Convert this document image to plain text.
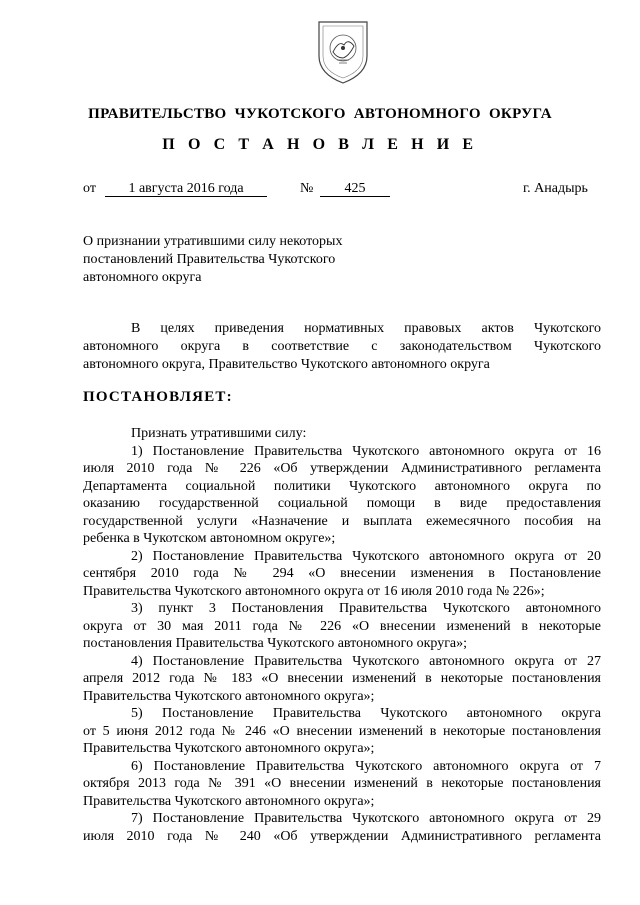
ПРАВИТЕЛЬСТВО  ЧУКОТСКОГО  АВТОНОМНОГО  ОКРУГА
П О С Т А Н О В Л Е Н И Е
от	1 августа 2016 года	№	425	г. Анадырь
О признании утратившими силу некоторых
постановлений Правительства Чукотского
автономного округа
В целях приведения нормативных правовых актов Чукотского
автономного округа в соответствие с законодательством Чукотского
автономного округа, Правительство Чукотского автономного округа
ПОСТАНОВЛЯЕТ:
Признать утратившими силу:
1) Постановление Правительства Чукотского автономного округа от 16
июля 2010 года № 226 «Об утверждении Административного регламента
Департамента социальной политики Чукотского автономного округа по
оказанию государственной социальной помощи в виде предоставления
государственной услуги «Назначение и выплата ежемесячного пособия на
ребенка в Чукотском автономном округе»;
2) Постановление Правительства Чукотского автономного округа от 20
сентября 2010 года № 294 «О внесении изменения в Постановление
Правительства Чукотского автономного округа от 16 июля 2010 года № 226»;
3) пункт 3 Постановления Правительства Чукотского автономного
округа от 30 мая 2011 года № 226 «О внесении изменений в некоторые
постановления Правительства Чукотского автономного округа»;
4) Постановление Правительства Чукотского автономного округа от 27
апреля 2012 года № 183 «О внесении изменений в некоторые постановления
Правительства Чукотского автономного округа»;
5) Постановление Правительства Чукотского автономного округа
от 5 июня 2012 года № 246 «О внесении изменений в некоторые постановления
Правительства Чукотского автономного округа»;
6) Постановление Правительства Чукотского автономного округа от 7
октября 2013 года № 391 «О внесении изменений в некоторые постановления
Правительства Чукотского автономного округа»;
7) Постановление Правительства Чукотского автономного округа от 29
июля 2010 года № 240 «Об утверждении Административного регламента
